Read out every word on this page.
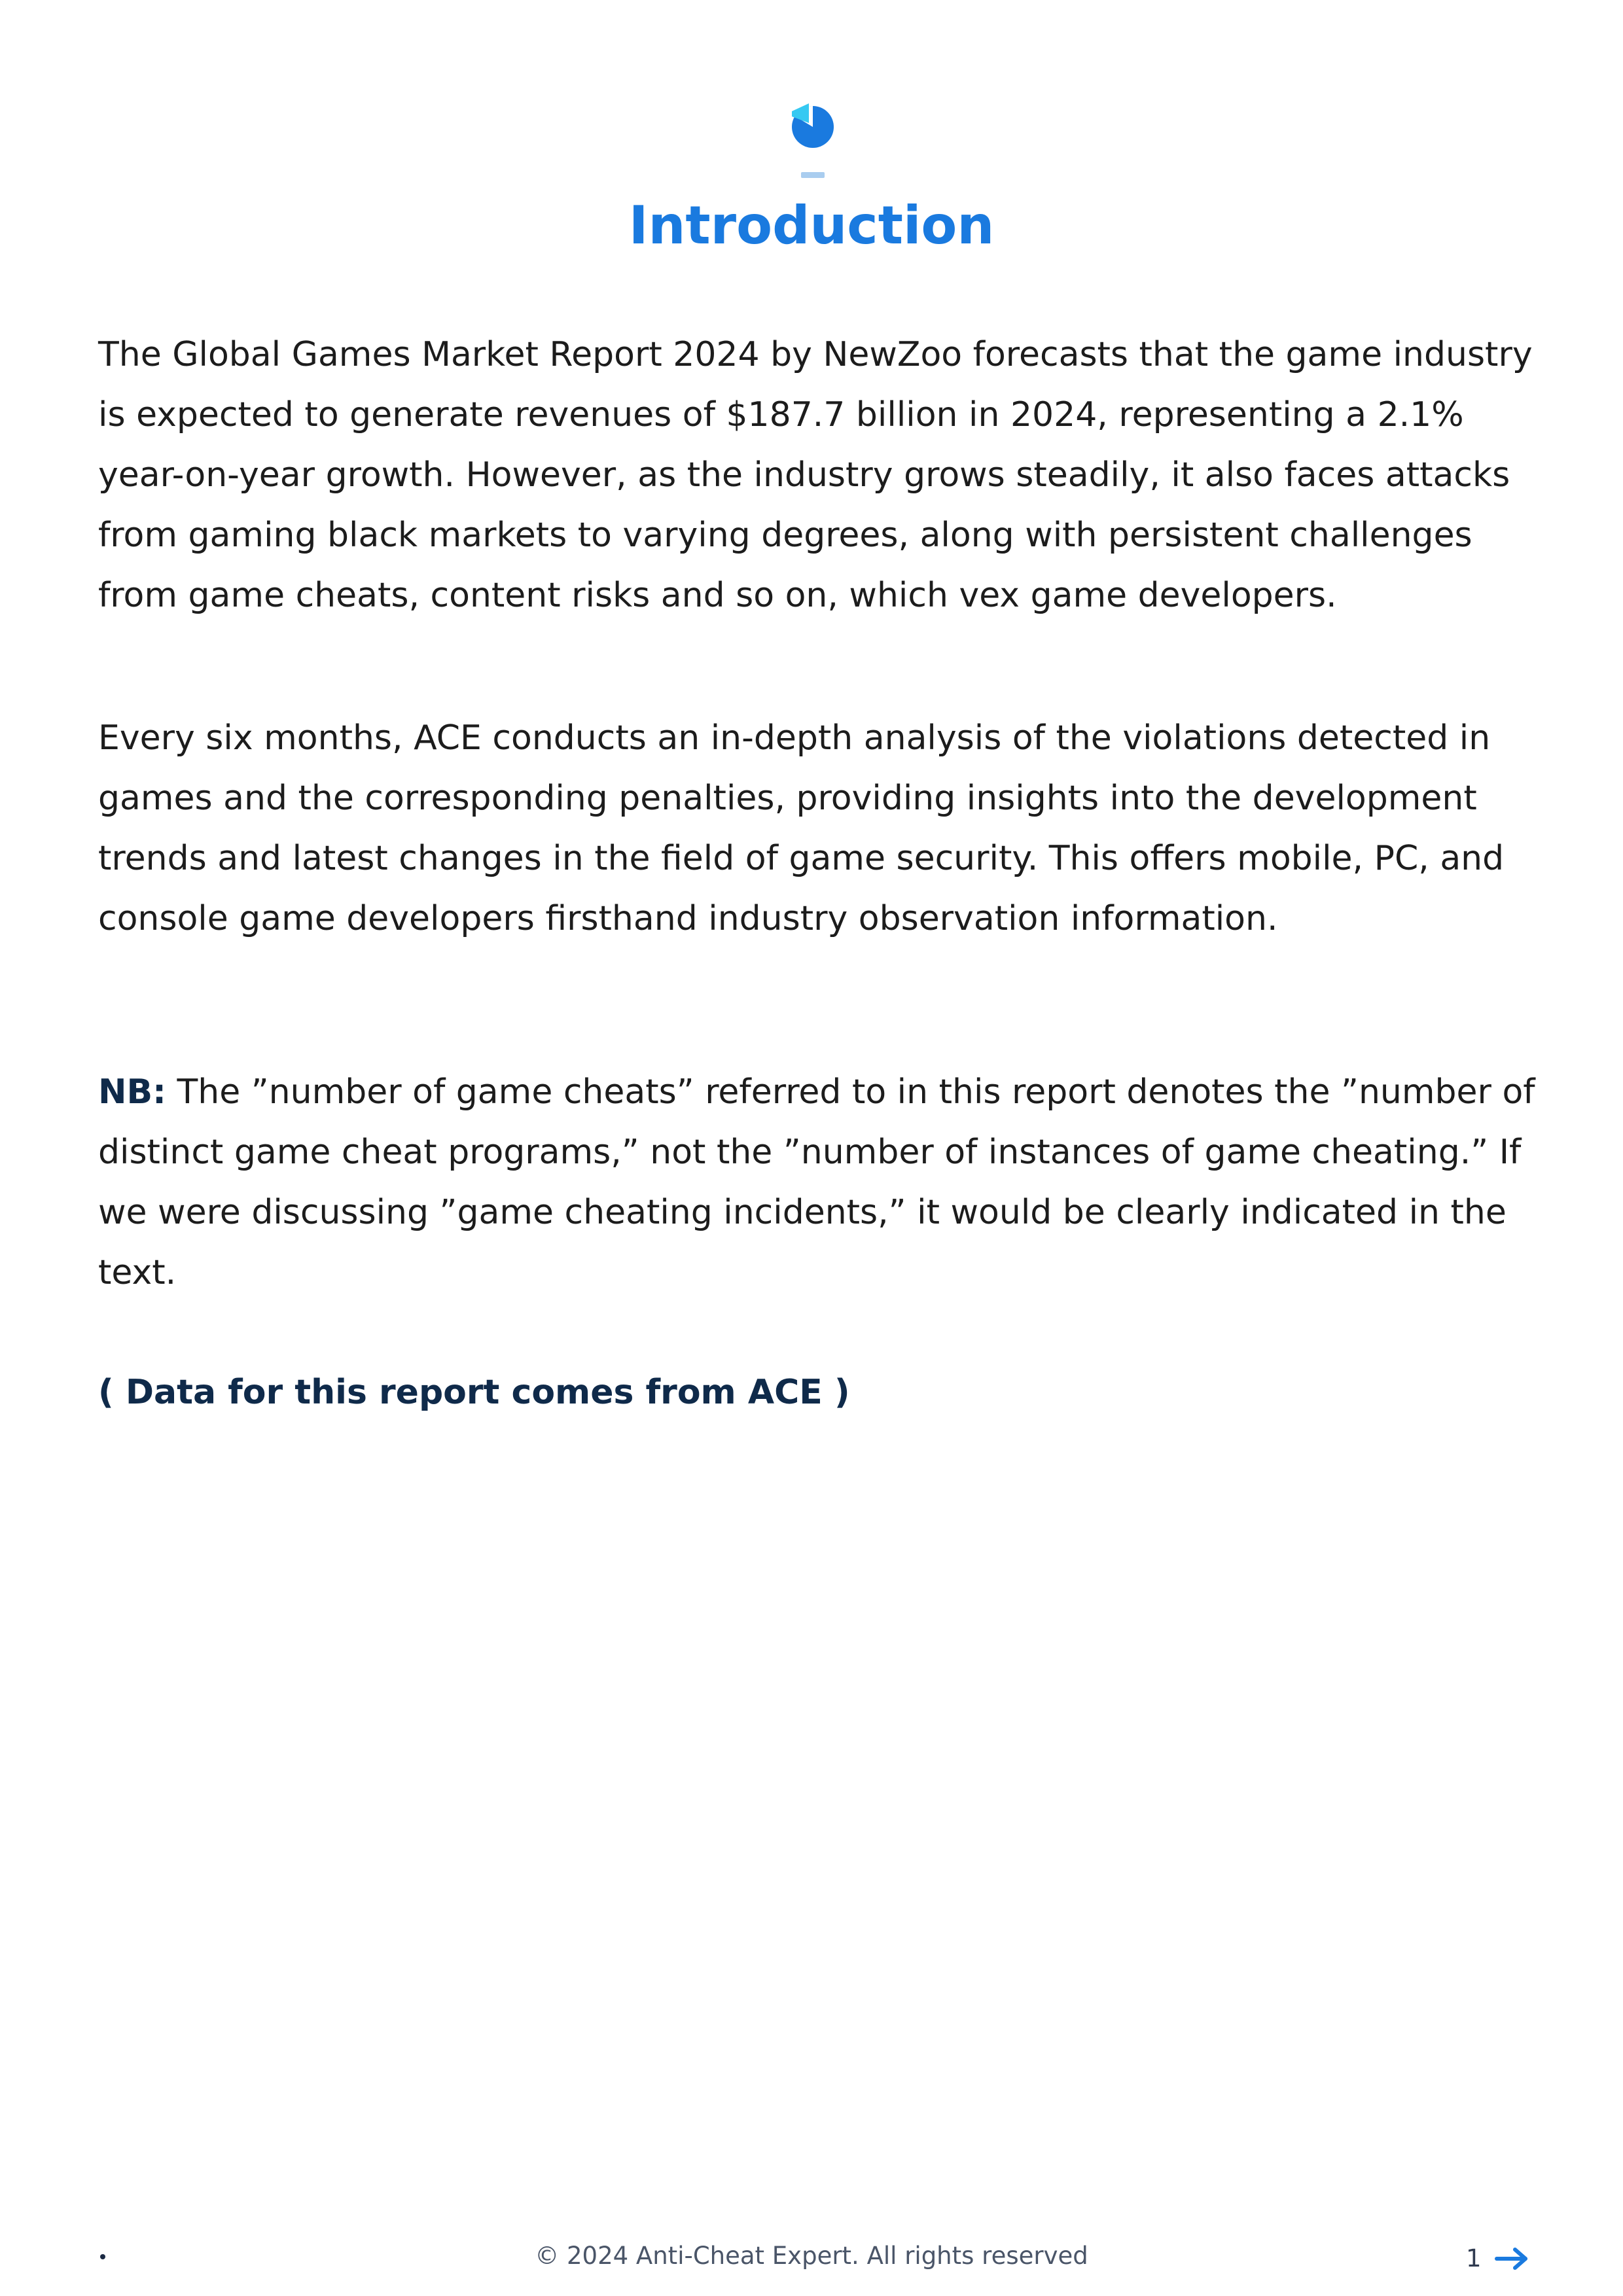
Introduction

The Global Games Market Report 2024 by NewZoo forecasts that the game industry is expected to generate revenues of $187.7 billion in 2024, representing a 2.1% year-on-year growth. However, as the industry grows steadily, it also faces attacks from gaming black markets to varying degrees, along with persistent challenges from game cheats, content risks and so on, which vex game developers.

Every six months, ACE conducts an in-depth analysis of the violations detected in games and the corresponding penalties, providing insights into the development trends and latest changes in the field of game security. This offers mobile, PC, and console game developers firsthand industry observation information.

NB: The ”number of game cheats” referred to in this report denotes the ”number of distinct game cheat programs,” not the ”number of instances of game cheating.” If we were discussing ”game cheating incidents,” it would be clearly indicated in the text.

( Data for this report comes from ACE )

© 2024 Anti-Cheat Expert. All rights reserved	1
